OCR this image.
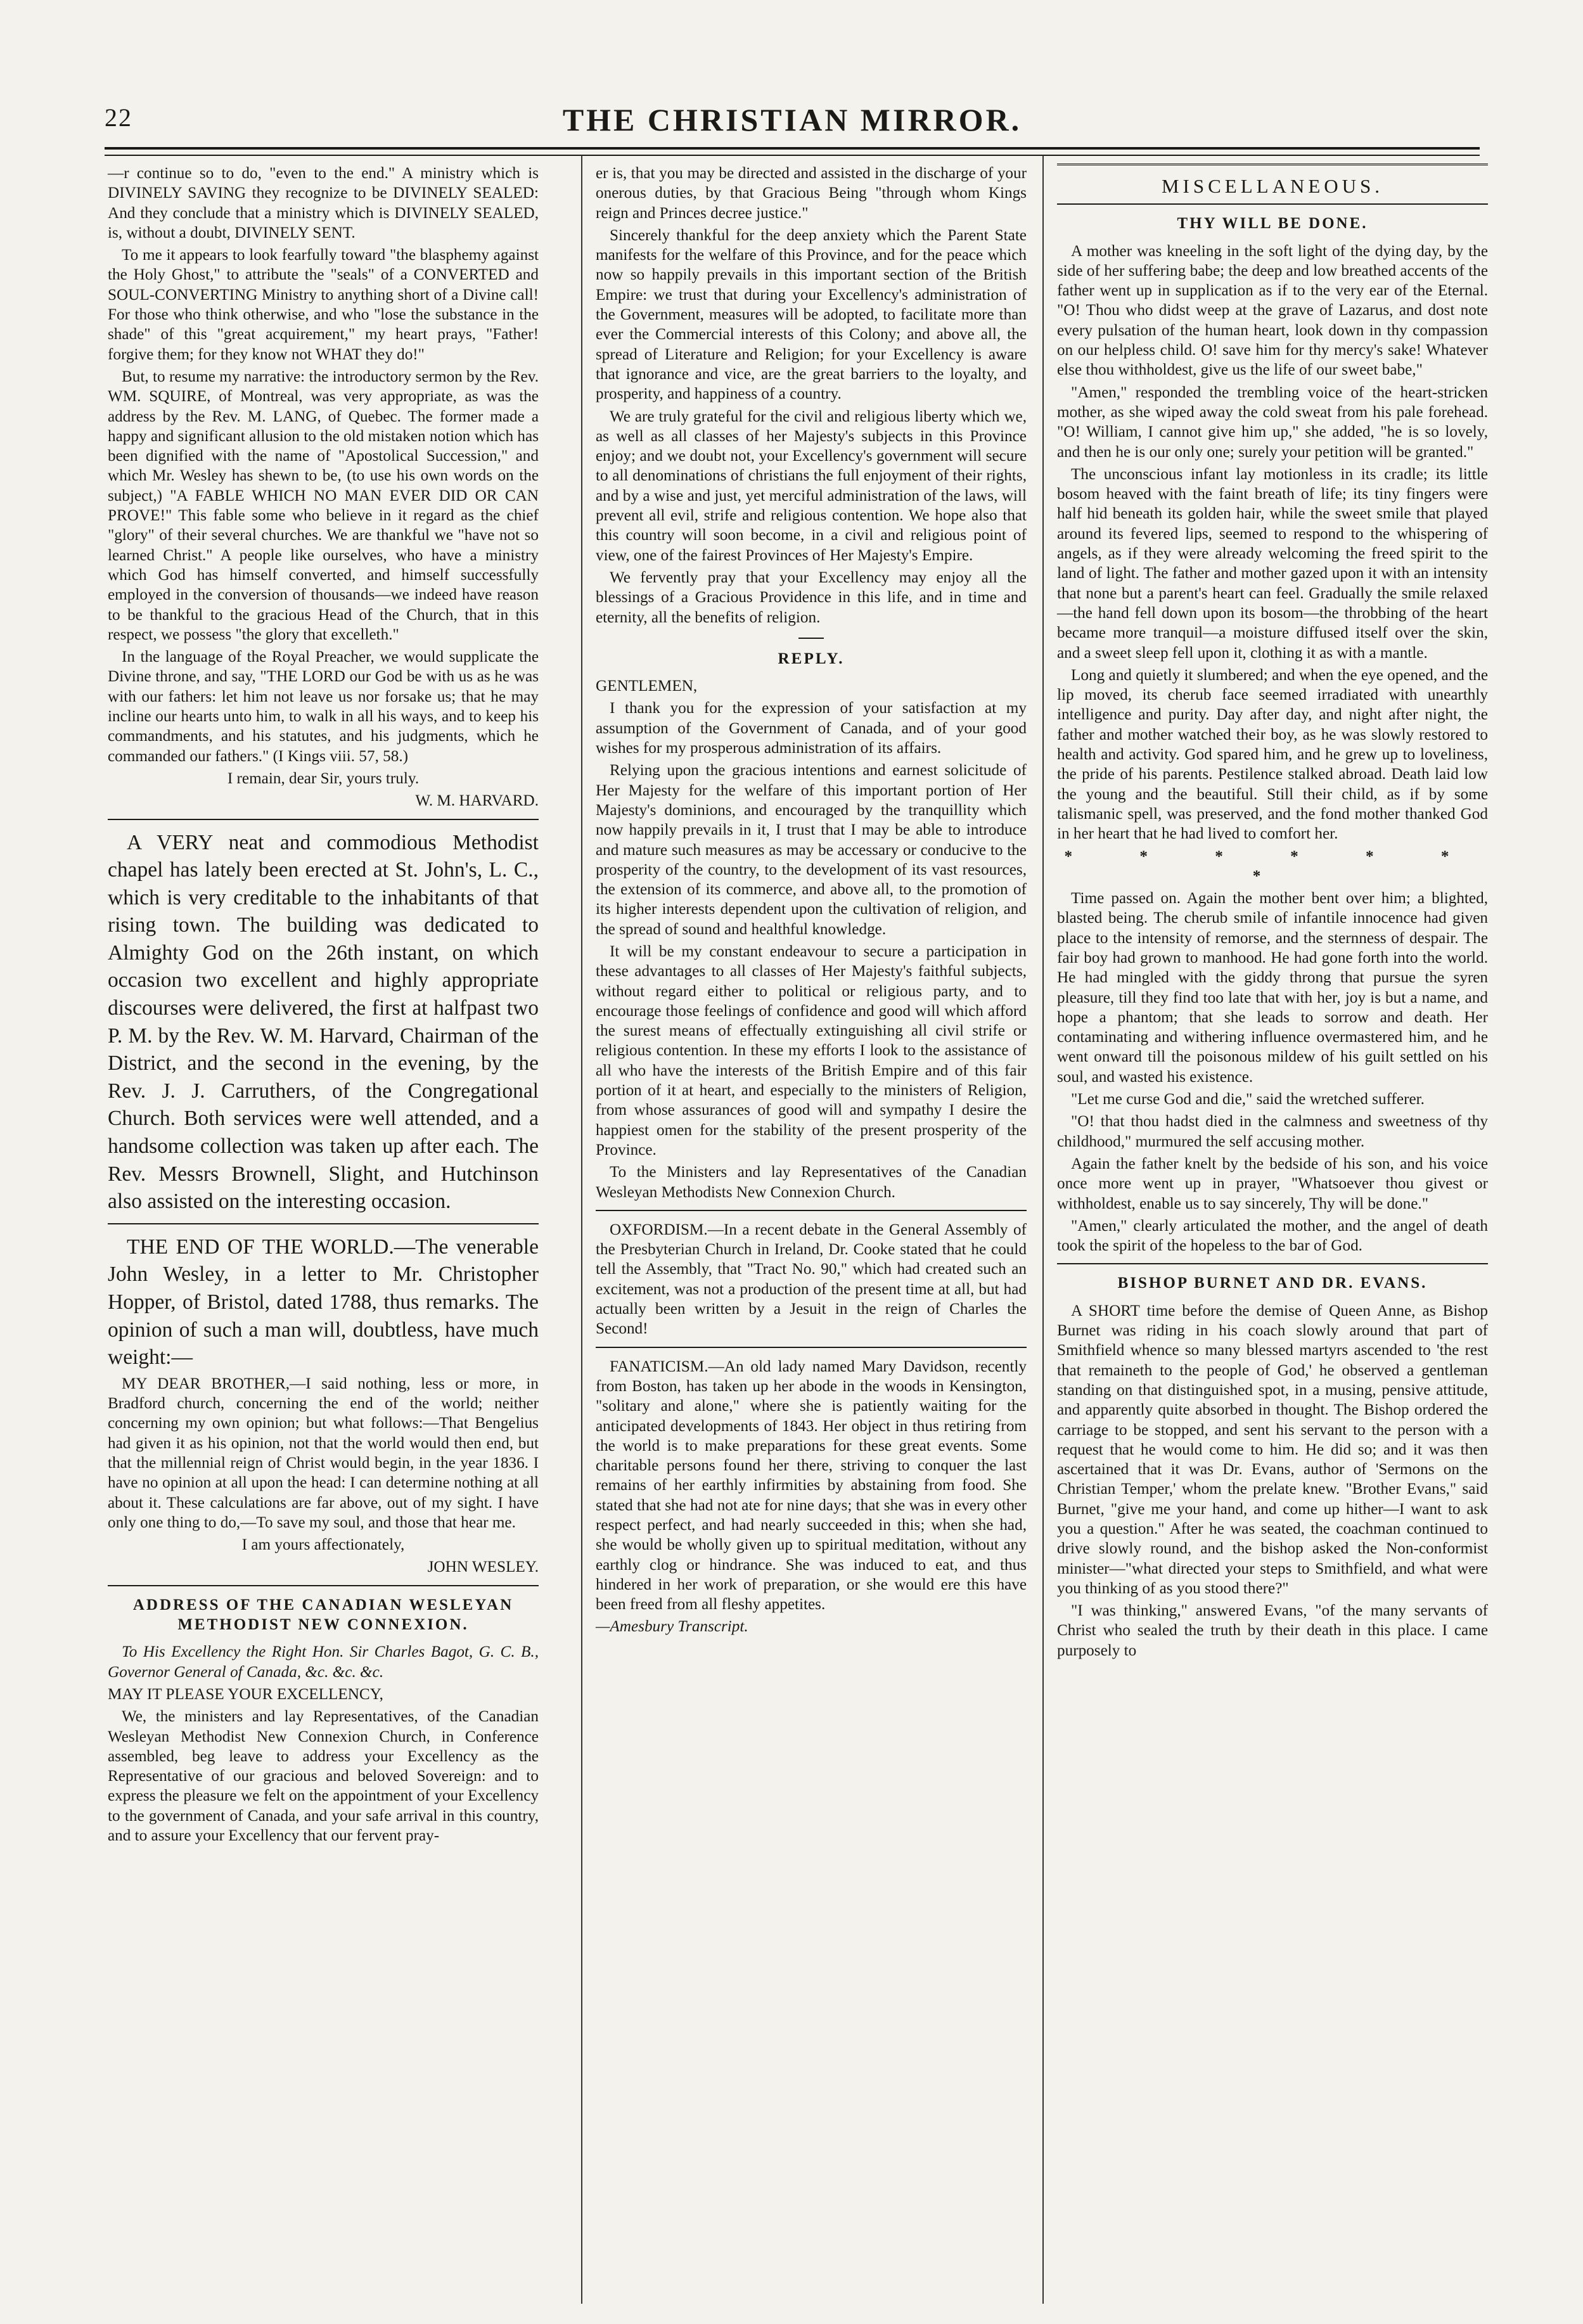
22	THE CHRISTIAN MIRROR.

—r continue so to do, "even to the end." A ministry which is DIVINELY SAVING they recognize to be DIVINELY SEALED: And they conclude that a ministry which is DIVINELY SEALED, is, without a doubt, DIVINELY SENT.

To me it appears to look fearfully toward "the blasphemy against the Holy Ghost," to attribute the "seals" of a CONVERTED and SOUL-CONVERTING Ministry to anything short of a Divine call! For those who think otherwise, and who "lose the substance in the shade" of this "great acquirement," my heart prays, "Father! forgive them; for they know not WHAT they do!"

But, to resume my narrative: the introductory sermon by the Rev. WM. SQUIRE, of Montreal, was very appropriate, as was the address by the Rev. M. LANG, of Quebec. The former made a happy and significant allusion to the old mistaken notion which has been dignified with the name of "Apostolical Succession," and which Mr. Wesley has shewn to be, (to use his own words on the subject,) "A FABLE WHICH NO MAN EVER DID OR CAN PROVE!" This fable some who believe in it regard as the chief "glory" of their several churches. We are thankful we "have not so learned Christ." A people like ourselves, who have a ministry which God has himself converted, and himself successfully employed in the conversion of thousands—we indeed have reason to be thankful to the gracious Head of the Church, that in this respect, we possess "the glory that excelleth."

In the language of the Royal Preacher, we would supplicate the Divine throne, and say, "THE LORD our God be with us as he was with our fathers: let him not leave us nor forsake us; that he may incline our hearts unto him, to walk in all his ways, and to keep his commandments, and his statutes, and his judgments, which he commanded our fathers." (I Kings viii. 57, 58.)

I remain, dear Sir, yours truly.

W. M. HARVARD.

A VERY neat and commodious Methodist chapel has lately been erected at St. John's, L. C., which is very creditable to the inhabitants of that rising town. The building was dedicated to Almighty God on the 26th instant, on which occasion two excellent and highly appropriate discourses were delivered, the first at halfpast two P. M. by the Rev. W. M. Harvard, Chairman of the District, and the second in the evening, by the Rev. J. J. Carruthers, of the Congregational Church. Both services were well attended, and a handsome collection was taken up after each. The Rev. Messrs Brownell, Slight, and Hutchinson also assisted on the interesting occasion.

THE END OF THE WORLD.—The venerable John Wesley, in a letter to Mr. Christopher Hopper, of Bristol, dated 1788, thus remarks. The opinion of such a man will, doubtless, have much weight:—

MY DEAR BROTHER,—I said nothing, less or more, in Bradford church, concerning the end of the world; neither concerning my own opinion; but what follows:—That Bengelius had given it as his opinion, not that the world would then end, but that the millennial reign of Christ would begin, in the year 1836. I have no opinion at all upon the head: I can determine nothing at all about it. These calculations are far above, out of my sight. I have only one thing to do,—To save my soul, and those that hear me.

I am yours affectionately,

JOHN WESLEY.

ADDRESS OF THE CANADIAN WESLEYAN METHODIST NEW CONNEXION.

To His Excellency the Right Hon. Sir Charles Bagot, G. C. B., Governor General of Canada, &c. &c. &c.

MAY IT PLEASE YOUR EXCELLENCY,

We, the ministers and lay Representatives, of the Canadian Wesleyan Methodist New Connexion Church, in Conference assembled, beg leave to address your Excellency as the Representative of our gracious and beloved Sovereign: and to express the pleasure we felt on the appointment of your Excellency to the government of Canada, and your safe arrival in this country, and to assure your Excellency that our fervent pray-

er is, that you may be directed and assisted in the discharge of your onerous duties, by that Gracious Being "through whom Kings reign and Princes decree justice."

Sincerely thankful for the deep anxiety which the Parent State manifests for the welfare of this Province, and for the peace which now so happily prevails in this important section of the British Empire: we trust that during your Excellency's administration of the Government, measures will be adopted, to facilitate more than ever the Commercial interests of this Colony; and above all, the spread of Literature and Religion; for your Excellency is aware that ignorance and vice, are the great barriers to the loyalty, and prosperity, and happiness of a country.

We are truly grateful for the civil and religious liberty which we, as well as all classes of her Majesty's subjects in this Province enjoy; and we doubt not, your Excellency's government will secure to all denominations of christians the full enjoyment of their rights, and by a wise and just, yet merciful administration of the laws, will prevent all evil, strife and religious contention. We hope also that this country will soon become, in a civil and religious point of view, one of the fairest Provinces of Her Majesty's Empire.

We fervently pray that your Excellency may enjoy all the blessings of a Gracious Providence in this life, and in time and eternity, all the benefits of religion.

REPLY.

GENTLEMEN,

I thank you for the expression of your satisfaction at my assumption of the Government of Canada, and of your good wishes for my prosperous administration of its affairs.

Relying upon the gracious intentions and earnest solicitude of Her Majesty for the welfare of this important portion of Her Majesty's dominions, and encouraged by the tranquillity which now happily prevails in it, I trust that I may be able to introduce and mature such measures as may be accessary or conducive to the prosperity of the country, to the development of its vast resources, the extension of its commerce, and above all, to the promotion of its higher interests dependent upon the cultivation of religion, and the spread of sound and healthful knowledge.

It will be my constant endeavour to secure a participation in these advantages to all classes of Her Majesty's faithful subjects, without regard either to political or religious party, and to encourage those feelings of confidence and good will which afford the surest means of effectually extinguishing all civil strife or religious contention. In these my efforts I look to the assistance of all who have the interests of the British Empire and of this fair portion of it at heart, and especially to the ministers of Religion, from whose assurances of good will and sympathy I desire the happiest omen for the stability of the present prosperity of the Province.

To the Ministers and lay Representatives of the Canadian Wesleyan Methodists New Connexion Church.

OXFORDISM.—In a recent debate in the General Assembly of the Presbyterian Church in Ireland, Dr. Cooke stated that he could tell the Assembly, that "Tract No. 90," which had created such an excitement, was not a production of the present time at all, but had actually been written by a Jesuit in the reign of Charles the Second!

FANATICISM.—An old lady named Mary Davidson, recently from Boston, has taken up her abode in the woods in Kensington, "solitary and alone," where she is patiently waiting for the anticipated developments of 1843. Her object in thus retiring from the world is to make preparations for these great events. Some charitable persons found her there, striving to conquer the last remains of her earthly infirmities by abstaining from food. She stated that she had not ate for nine days; that she was in every other respect perfect, and had nearly succeeded in this; when she had, she would be wholly given up to spiritual meditation, without any earthly clog or hindrance. She was induced to eat, and thus hindered in her work of preparation, or she would ere this have been freed from all fleshy appetites.

—Amesbury Transcript.

MISCELLANEOUS.

THY WILL BE DONE.

A mother was kneeling in the soft light of the dying day, by the side of her suffering babe; the deep and low breathed accents of the father went up in supplication as if to the very ear of the Eternal. "O! Thou who didst weep at the grave of Lazarus, and dost note every pulsation of the human heart, look down in thy compassion on our helpless child. O! save him for thy mercy's sake! Whatever else thou withholdest, give us the life of our sweet babe,"

"Amen," responded the trembling voice of the heart-stricken mother, as she wiped away the cold sweat from his pale forehead. "O! William, I cannot give him up," she added, "he is so lovely, and then he is our only one; surely your petition will be granted."

The unconscious infant lay motionless in its cradle; its little bosom heaved with the faint breath of life; its tiny fingers were half hid beneath its golden hair, while the sweet smile that played around its fevered lips, seemed to respond to the whispering of angels, as if they were already welcoming the freed spirit to the land of light. The father and mother gazed upon it with an intensity that none but a parent's heart can feel. Gradually the smile relaxed—the hand fell down upon its bosom—the throbbing of the heart became more tranquil—a moisture diffused itself over the skin, and a sweet sleep fell upon it, clothing it as with a mantle.

Long and quietly it slumbered; and when the eye opened, and the lip moved, its cherub face seemed irradiated with unearthly intelligence and purity. Day after day, and night after night, the father and mother watched their boy, as he was slowly restored to health and activity. God spared him, and he grew up to loveliness, the pride of his parents. Pestilence stalked abroad. Death laid low the young and the beautiful. Still their child, as if by some talismanic spell, was preserved, and the fond mother thanked God in her heart that he had lived to comfort her.

* * * * * * *

Time passed on. Again the mother bent over him; a blighted, blasted being. The cherub smile of infantile innocence had given place to the intensity of remorse, and the sternness of despair. The fair boy had grown to manhood. He had gone forth into the world. He had mingled with the giddy throng that pursue the syren pleasure, till they find too late that with her, joy is but a name, and hope a phantom; that she leads to sorrow and death. Her contaminating and withering influence overmastered him, and he went onward till the poisonous mildew of his guilt settled on his soul, and wasted his existence.

"Let me curse God and die," said the wretched sufferer.

"O! that thou hadst died in the calmness and sweetness of thy childhood," murmured the self accusing mother.

Again the father knelt by the bedside of his son, and his voice once more went up in prayer, "Whatsoever thou givest or withholdest, enable us to say sincerely, Thy will be done."

"Amen," clearly articulated the mother, and the angel of death took the spirit of the hopeless to the bar of God.

BISHOP BURNET AND DR. EVANS.

A SHORT time before the demise of Queen Anne, as Bishop Burnet was riding in his coach slowly around that part of Smithfield whence so many blessed martyrs ascended to 'the rest that remaineth to the people of God,' he observed a gentleman standing on that distinguished spot, in a musing, pensive attitude, and apparently quite absorbed in thought. The Bishop ordered the carriage to be stopped, and sent his servant to the person with a request that he would come to him. He did so; and it was then ascertained that it was Dr. Evans, author of 'Sermons on the Christian Temper,' whom the prelate knew. "Brother Evans," said Burnet, "give me your hand, and come up hither—I want to ask you a question." After he was seated, the coachman continued to drive slowly round, and the bishop asked the Non-conformist minister—"what directed your steps to Smithfield, and what were you thinking of as you stood there?"

"I was thinking," answered Evans, "of the many servants of Christ who sealed the truth by their death in this place. I came purposely to
